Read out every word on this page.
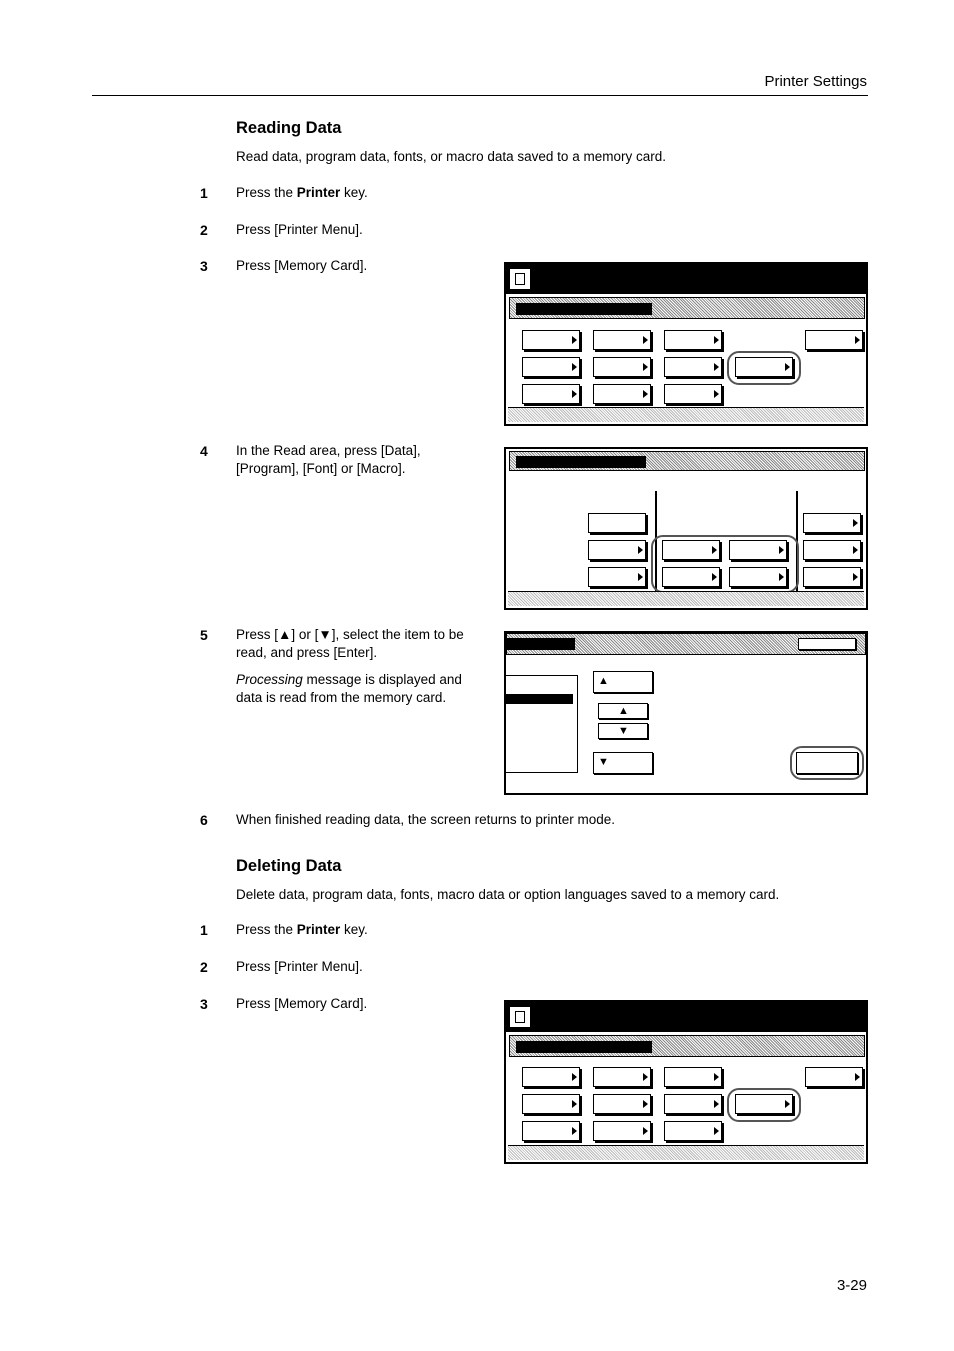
Printer Settings
Reading Data
Read data, program data, fonts, or macro data saved to a memory card.
1 Press the Printer key.
2 Press [Printer Menu].
3 Press [Memory Card].
4 In the Read area, press [Data],
[Program], [Font] or [Macro].
5 Press [▲] or [▼], select the item to be
read, and press [Enter].
Processing message is displayed and
data is read from the memory card.
6 When finished reading data, the screen returns to printer mode.
Deleting Data
Delete data, program data, fonts, macro data or option languages saved to a memory card.
1 Press the Printer key.
2 Press [Printer Menu].
3 Press [Memory Card].
▲
▲
▼
▼
3-29
